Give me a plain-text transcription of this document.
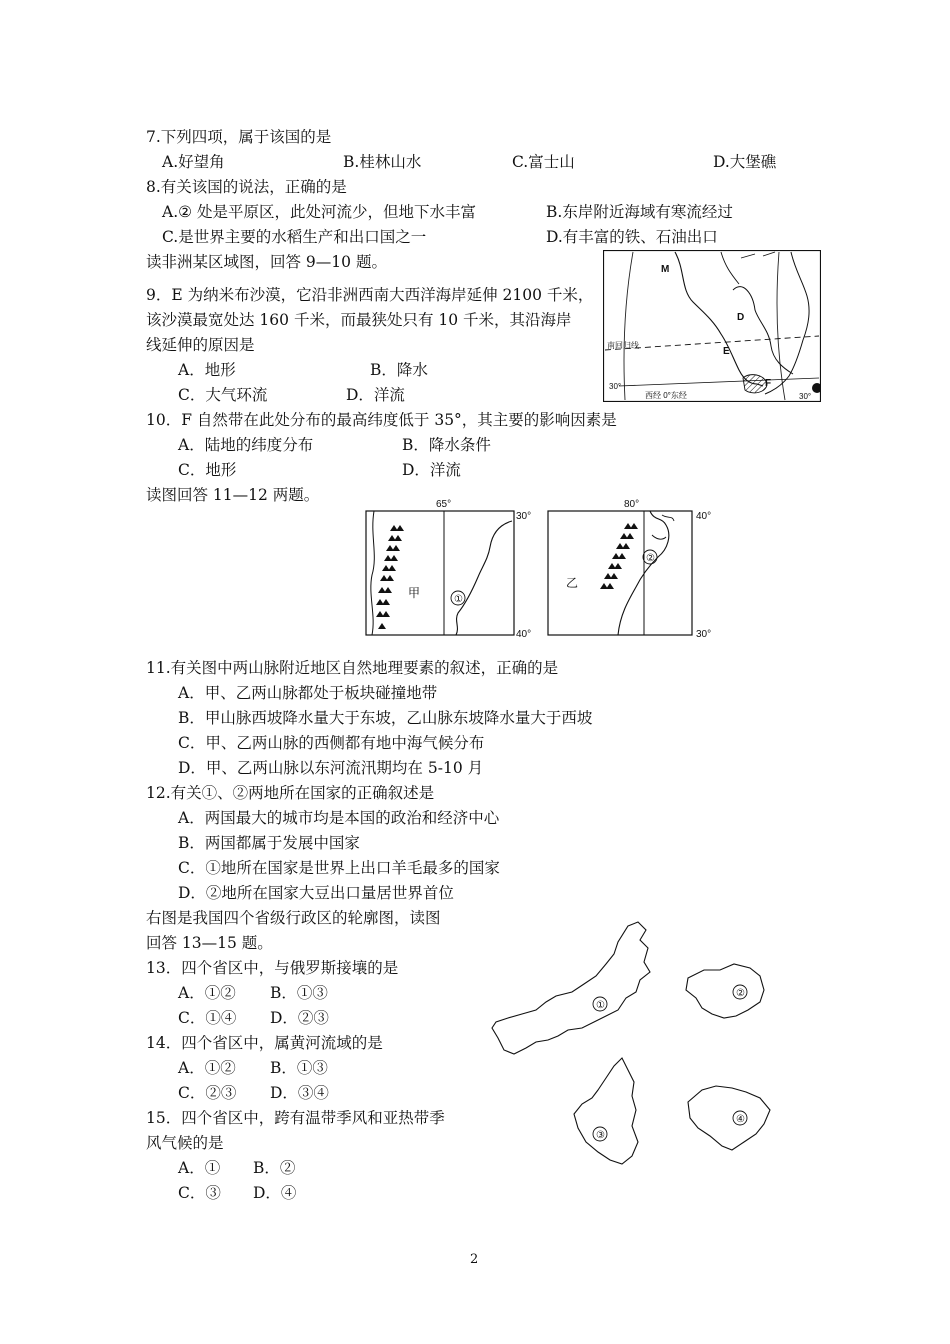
7.下列四项，属于该国的是
A.好望角	B.桂林山水	C.富士山	D.大堡礁
8.有关该国的说法，正确的是
A.② 处是平原区，此处河流少，但地下水丰富	B.东岸附近海域有寒流经过
C.是世界主要的水稻生产和出口国之一	D.有丰富的铁、石油出口
读非洲某区域图，回答 9—10 题。
南回归线
30°
30°
西经 0°东经
M
D
E
F
9．E 为纳米布沙漠，它沿非洲西南大西洋海岸延伸 2100 千米，
该沙漠最宽处达 160 千米，而最狭处只有 10 千米，其沿海岸
线延伸的原因是
A．地形	B．降水
C．大气环流	D．洋流
10．F 自然带在此处分布的最高纬度低于 35°，其主要的影响因素是
A．陆地的纬度分布	B．降水条件
C．地形	D．洋流
读图回答 11—12 两题。
65°
30°
40°
甲	①
80°
40°
30°
乙
②
11.有关图中两山脉附近地区自然地理要素的叙述，正确的是
A．甲、乙两山脉都处于板块碰撞地带
B．甲山脉西坡降水量大于东坡，乙山脉东坡降水量大于西坡
C．甲、乙两山脉的西侧都有地中海气候分布
D．甲、乙两山脉以东河流汛期均在 5-10 月
12.有关①、②两地所在国家的正确叙述是
A．两国最大的城市均是本国的政治和经济中心
B．两国都属于发展中国家
C．①地所在国家是世界上出口羊毛最多的国家
D．②地所在国家大豆出口量居世界首位
右图是我国四个省级行政区的轮廓图，读图
回答 13—15 题。
13．四个省区中，与俄罗斯接壤的是
A．①② B．①③
C．①④ D．②③
14．四个省区中，属黄河流域的是
A．①② B．①③
C．②③ D．③④
15．四个省区中，跨有温带季风和亚热带季
风气候的是
A．① B．②
C．③ D．④
①
②
③
④
2
